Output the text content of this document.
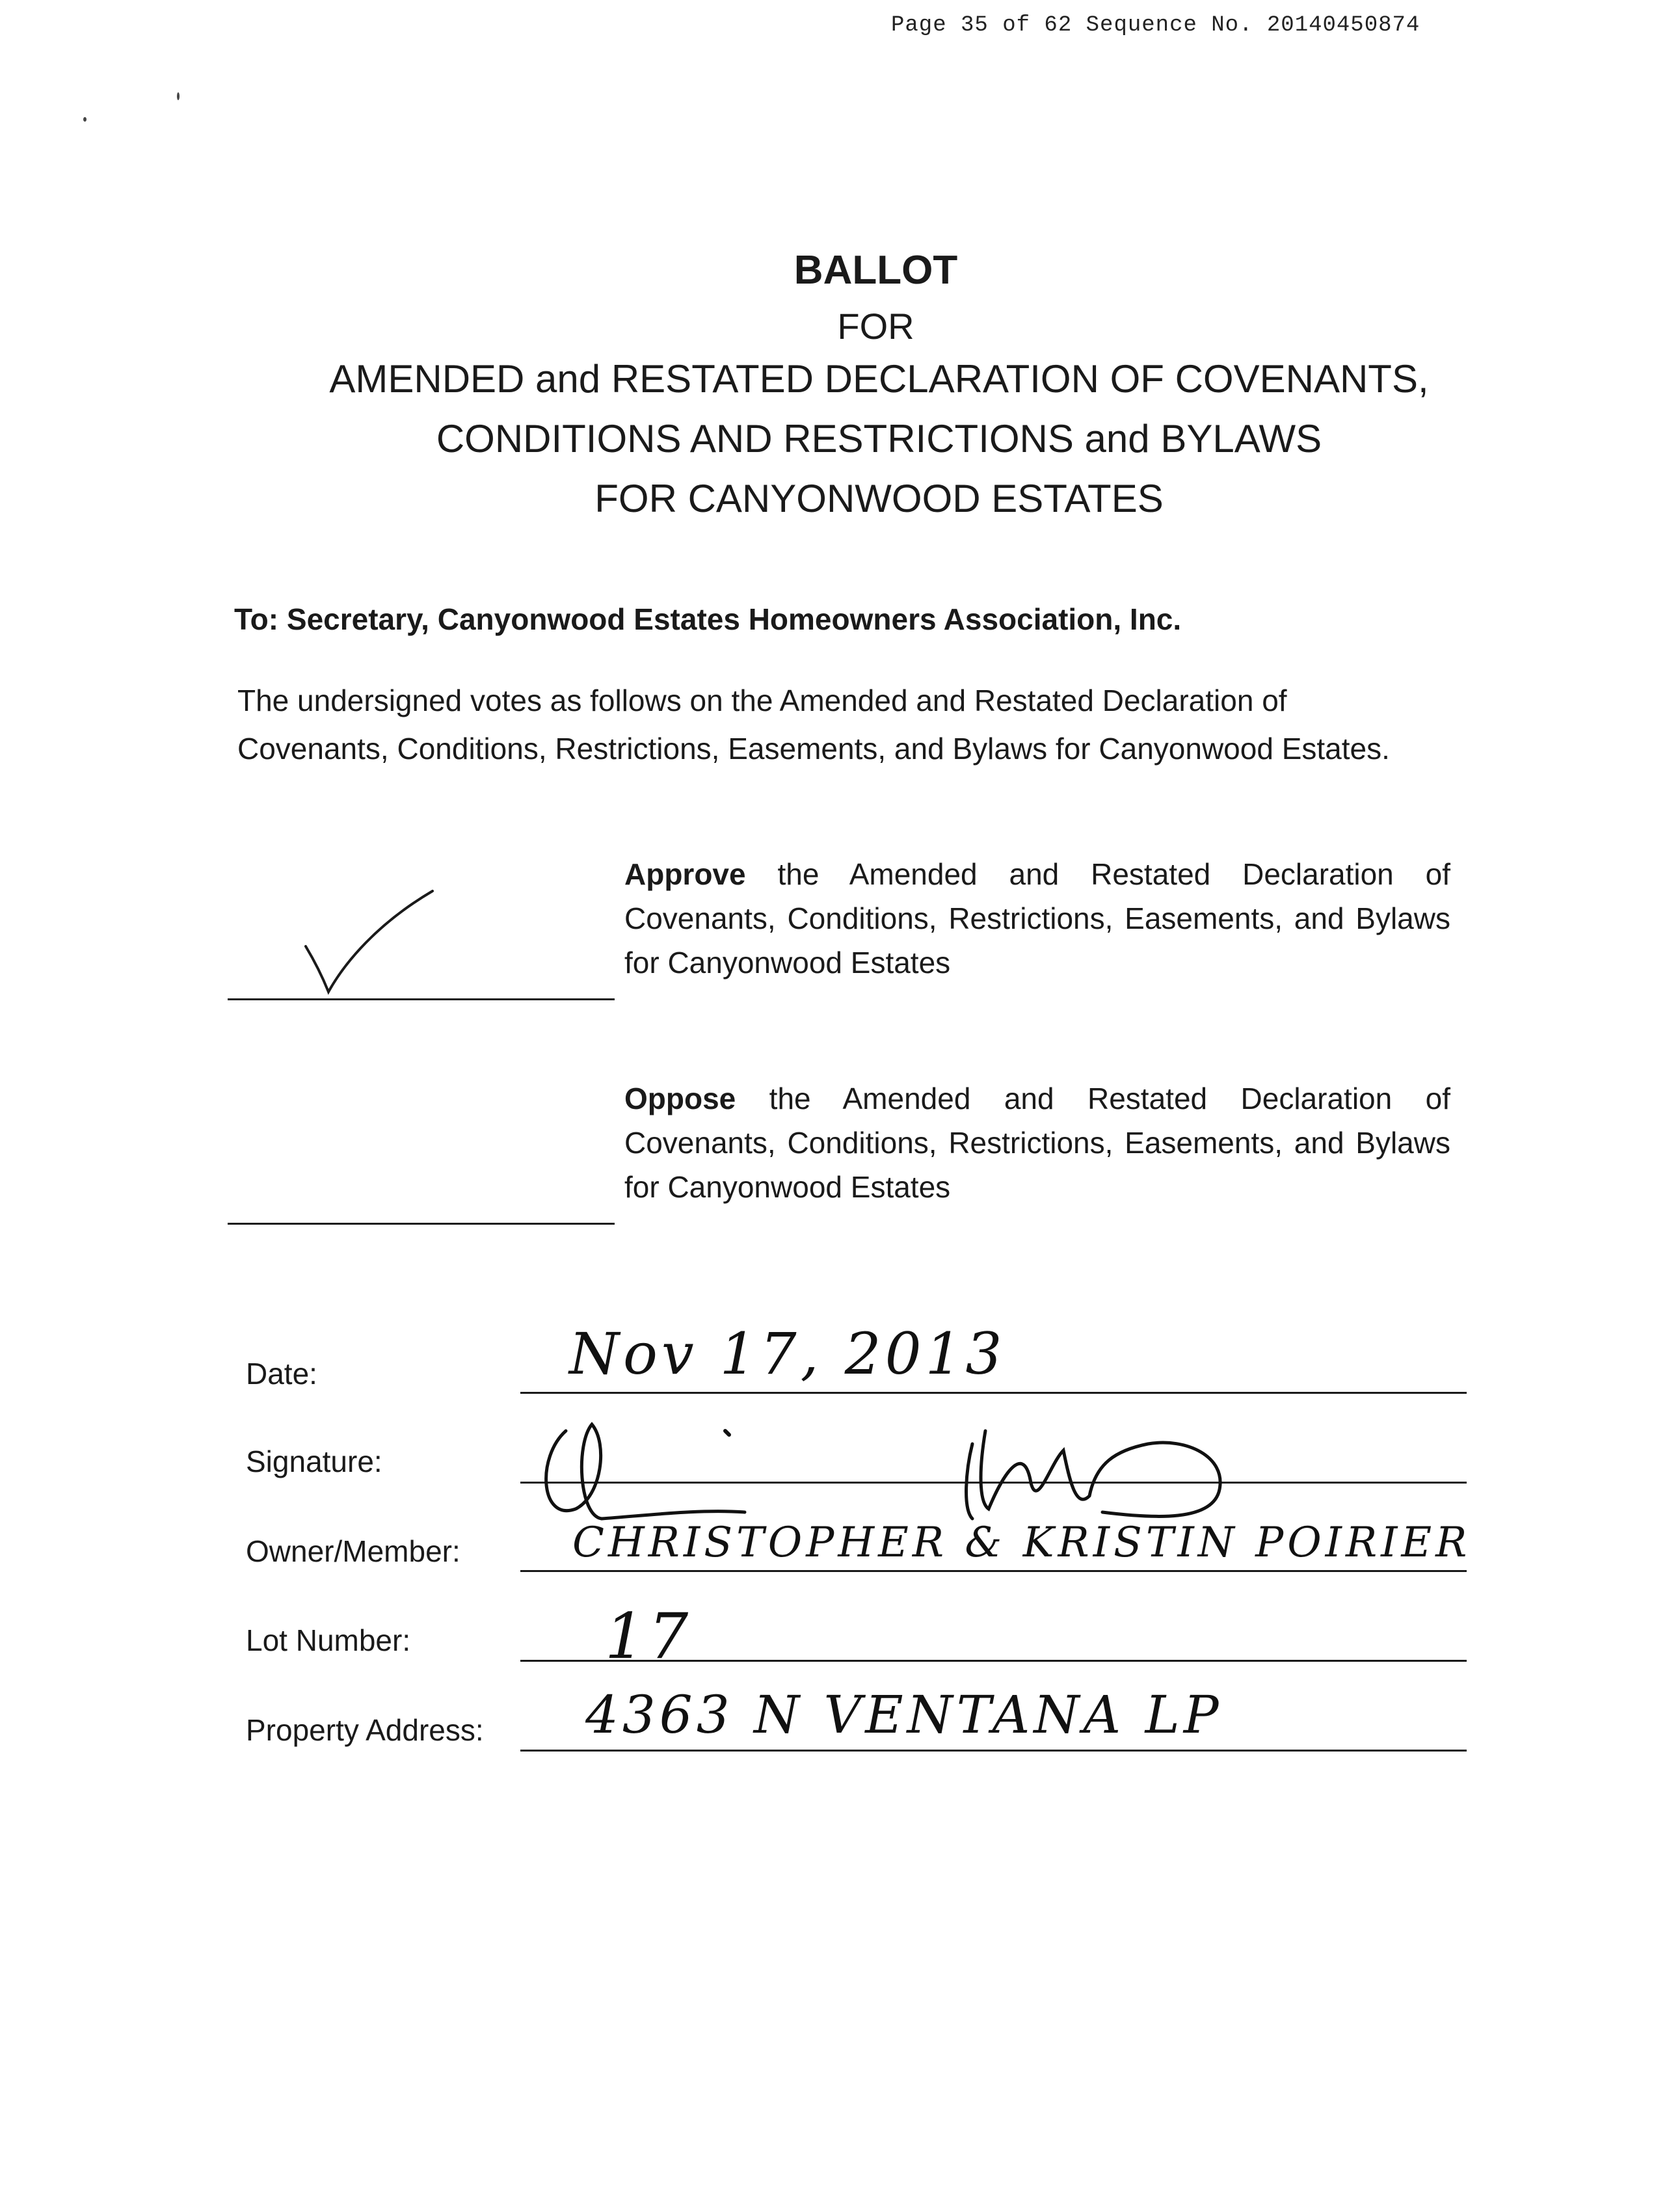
Page 35 of 62 Sequence No. 20140450874
BALLOT
FOR
AMENDED and RESTATED DECLARATION OF COVENANTS,
CONDITIONS AND RESTRICTIONS and BYLAWS
FOR CANYONWOOD ESTATES
To: Secretary, Canyonwood Estates Homeowners Association, Inc.
The undersigned votes as follows on the Amended and Restated Declaration of Covenants, Conditions, Restrictions, Easements, and Bylaws for Canyonwood Estates.
Approve the Amended and Restated Declaration of Covenants, Conditions, Restrictions, Easements, and Bylaws for Canyonwood Estates
Oppose the Amended and Restated Declaration of Covenants, Conditions, Restrictions, Easements, and Bylaws for Canyonwood Estates
Date:	Nov 17, 2013
Signature:
Owner/Member:	CHRISTOPHER & KRISTIN POIRIER
Lot Number:	17
Property Address: 4363 N VENTANA LP
